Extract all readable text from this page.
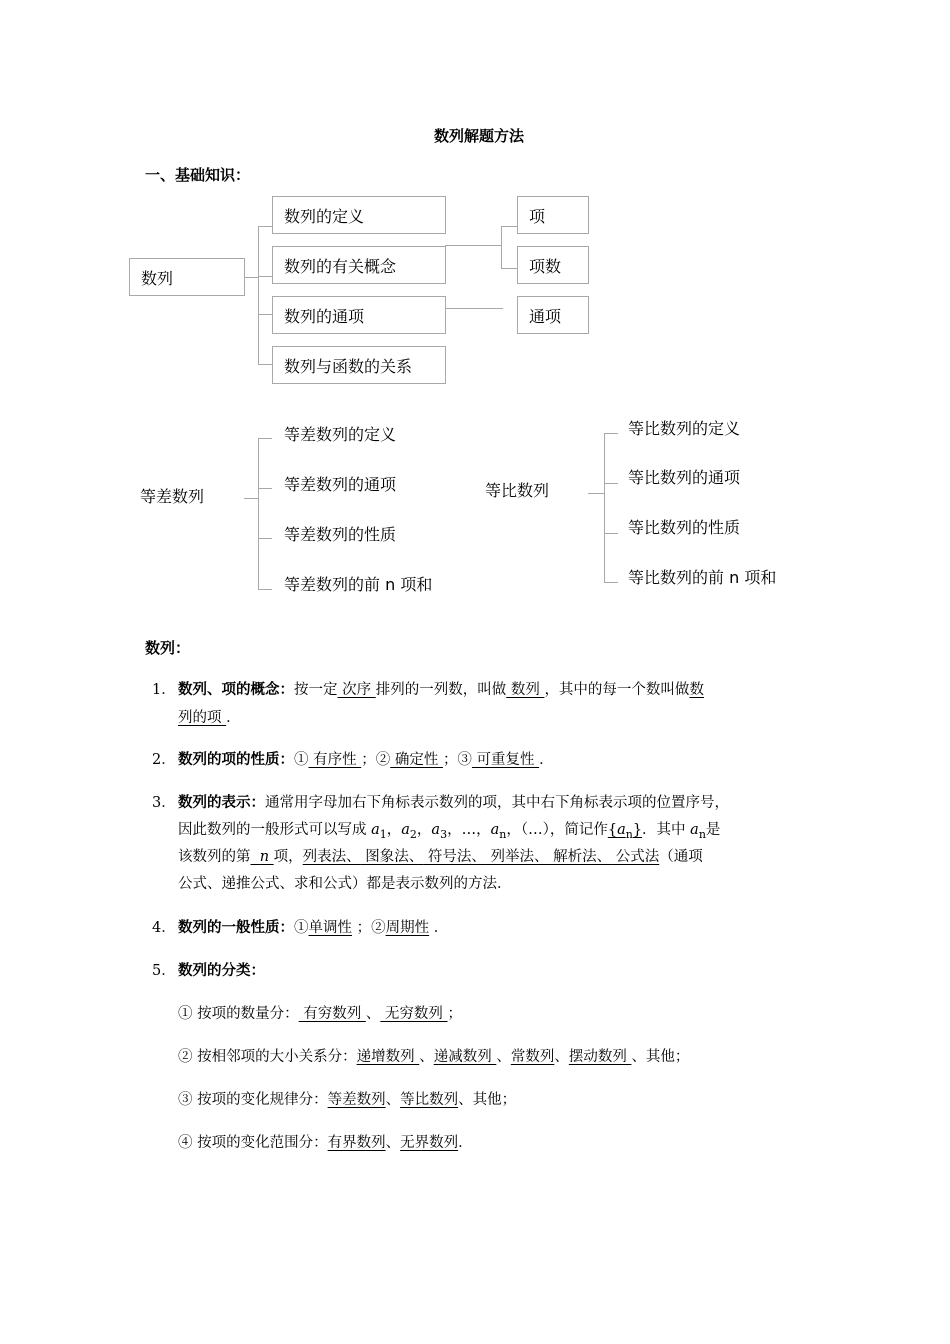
数列解题方法
一、基础知识：
数列
数列的定义
数列的有关概念
数列的通项
数列与函数的关系
项
项数
通项
等差数列
等差数列的定义
等差数列的通项
等差数列的性质
等差数列的前 n 项和
等比数列
等比数列的定义
等比数列的通项
等比数列的性质
等比数列的前 n 项和
数列：
1． 数列、项的概念：按一定 次序 排列的一列数，叫做 数列 ，其中的每一个数叫做数
列的项 ．
2． 数列的项的性质：① 有序性 ；② 确定性 ；③ 可重复性 ．
3． 数列的表示：通常用字母加右下角标表示数列的项，其中右下角标表示项的位置序号，
因此数列的一般形式可以写成 $a_1$，$a_2$，$a_3$，…，$a_n$，（…），简记作$\{a_n\}$．其中 $a_n$是
该数列的第 n 项，列表法、 图象法、 符号法、 列举法、 解析法、 公式法（通项
公式、递推公式、求和公式）都是表示数列的方法．
4． 数列的一般性质：①单调性 ；②周期性 ．
5． 数列的分类：
① 按项的数量分： 有穷数列 、 无穷数列 ；
② 按相邻项的大小关系分：递增数列 、递减数列 、常数列、摆动数列 、其他；
③ 按项的变化规律分：等差数列、等比数列、其他；
④ 按项的变化范围分：有界数列、无界数列．
